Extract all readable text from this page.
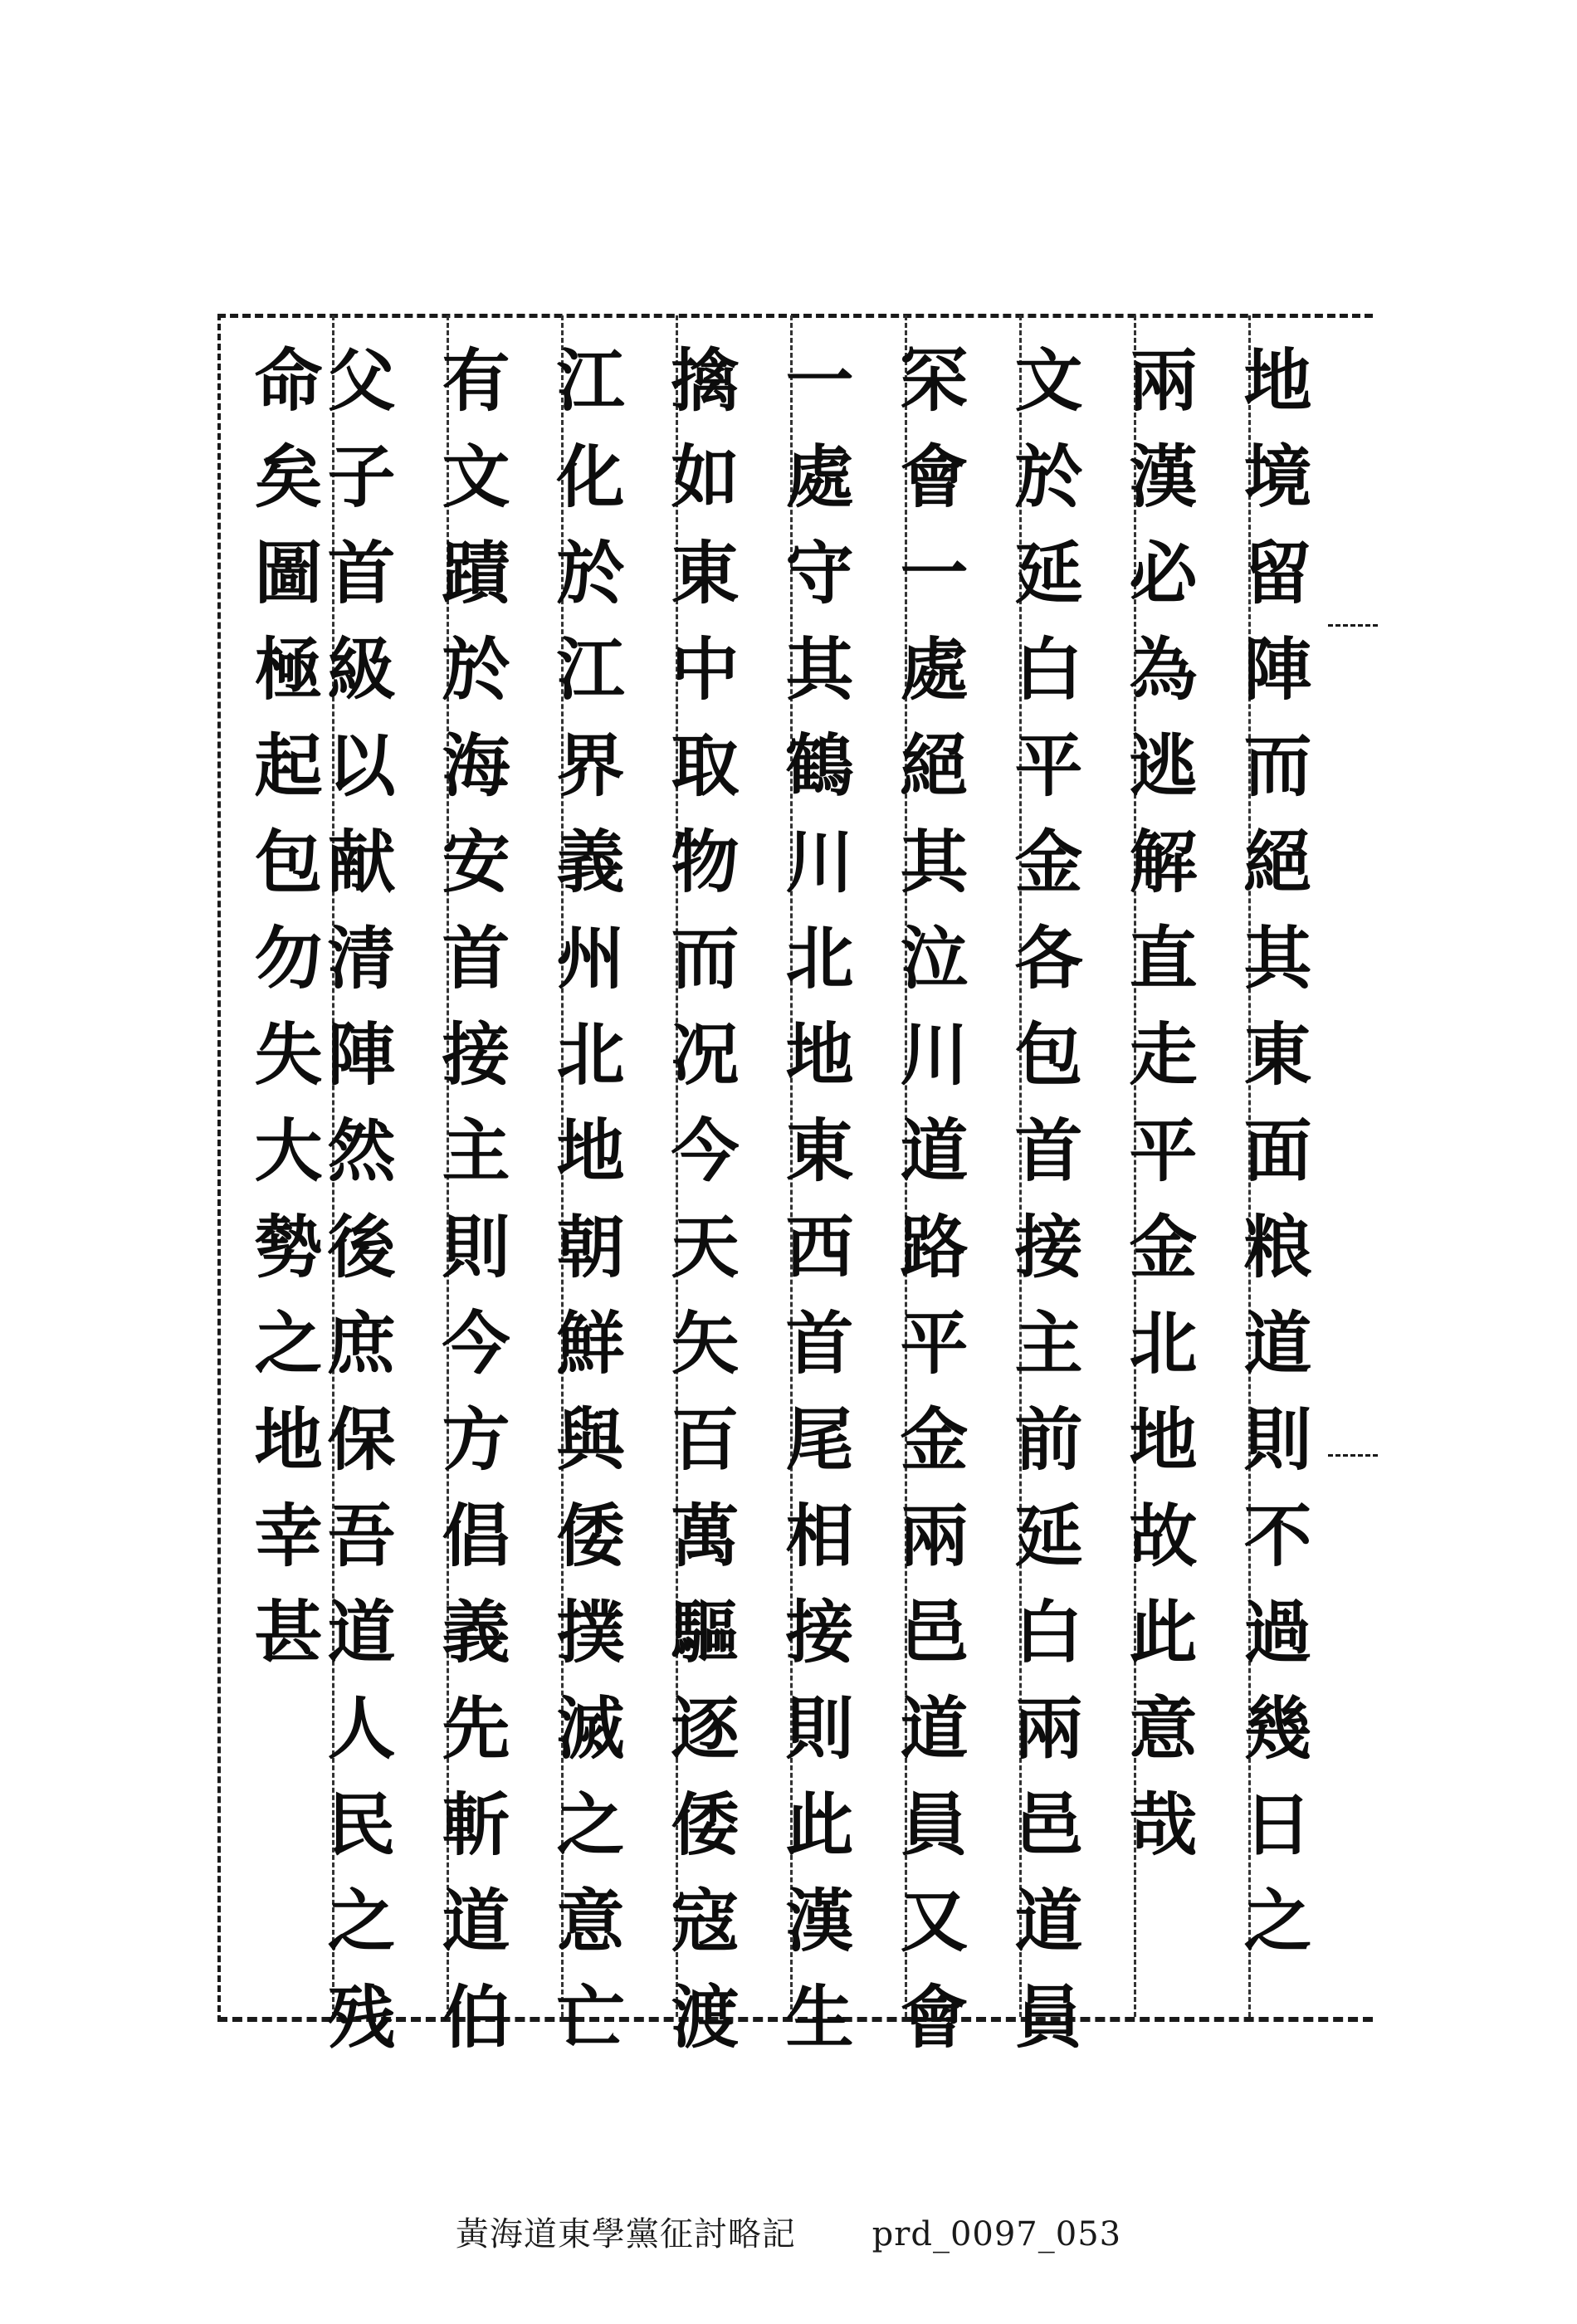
地境留陣而絕其東面粮道則不過幾日之
兩漢必為逃解直走平金北地故此意哉
文於延白平金各包首接主前延白兩邑道員
罙會一處絕其泣川道路平金兩邑道員又會
一處守其鶴川北地東西首尾相接則此漢生
擒如東中取物而况今天矢百萬驅逐倭寇渡
江化於江界義州北地朝鮮與倭撲滅之意亡
有文蹟於海安首接主則今方倡義先斬道伯
父子首級以献清陣然後庶保吾道人民之残
命矣圖極起包勿失大勢之地幸甚
黃海道東學黨征討略記 prd_0097_053
